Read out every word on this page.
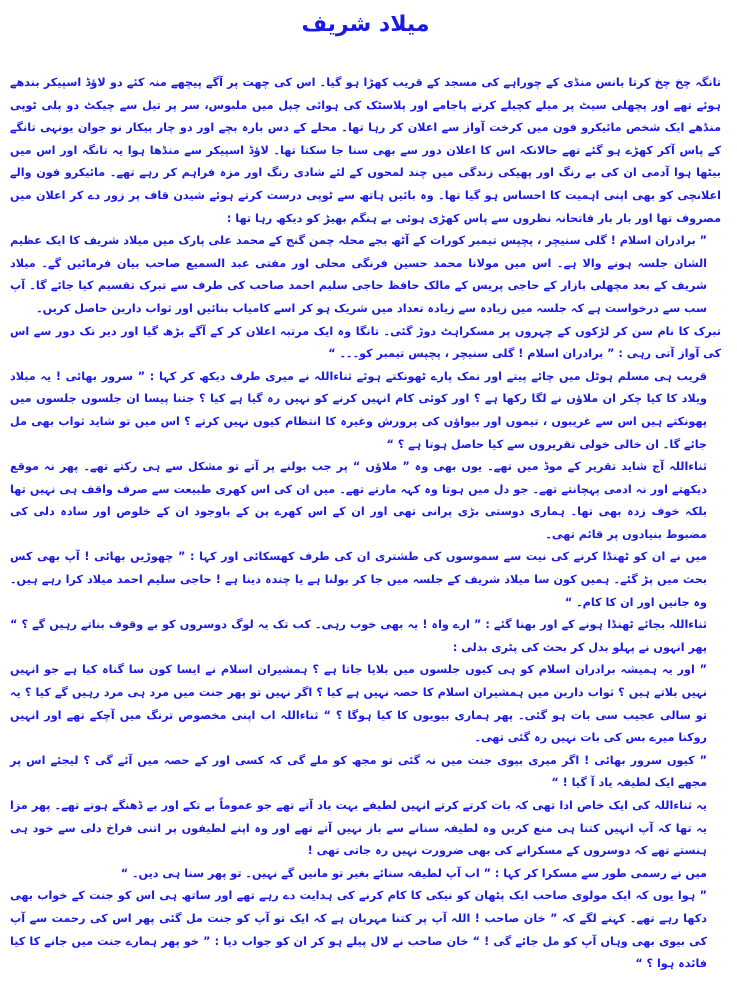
میلاد شریف

تانگہ چخ چخ کرتا بانس منڈی کے چوراہے کی مسجد کے قریب کھڑا ہو گیا۔ اس کی چھت پر آگے پیچھے منہ کئے دو لاؤڈ اسپیکر بندھے ہوئے تھے اور پچھلی سیٹ پر میلے کچیلے کرتے پاجامے اور پلاسٹک کی ہوائی چپل میں ملبوس، سر پر تیل سے چیکٹ دو پلی ٹوپی منڈھے ایک شخص مائیکرو فون میں کرخت آواز سے اعلان کر رہا تھا۔ محلے کے دس بارہ بچے اور دو چار بیکار نو جوان یونہی تانگے کے پاس آکر کھڑے ہو گئے تھے حالانکہ اس کا اعلان دور سے بھی سنا جا سکتا تھا۔ لاؤڈ اسپیکر سے منڈھا ہوا یہ تانگہ اور اس میں بیٹھا ہوا آدمی ان کی بے رنگ اور پھیکی زندگی میں چند لمحوں کے لئے شادی رنگ اور مزہ فراہم کر رہے تھے۔ مائیکرو فون والے اعلانچی کو بھی اپنی اہمیت کا احساس ہو گیا تھا۔ وہ بائیں ہاتھ سے ٹوپی درست کرتے ہوئے شیدن قاف پر زور دے کر اعلان میں مصروف تھا اور بار بار فاتحانہ نظروں سے پاس کھڑی ہوئی بے ہنگم بھیڑ کو دیکھ رہا تھا :

” برادران اسلام ! گلی سنیچر ، پچپس تیمبر کورات کے آٹھ بجے محلہ چمن گنج کے محمد علی پارک میں میلاد شریف کا ایک عظیم الشان جلسہ ہونے والا ہے۔ اس میں مولانا محمد حسین فرنگی محلی اور مفتی عبد السمیع صاحب بیان فرمائیں گے۔ میلاد شریف کے بعد مچھلی بازار کے حاجی پریس کے مالک حافظ حاجی سلیم احمد صاحب کی طرف سے تبرک تقسیم کیا جائے گا۔ آپ سب سے درخواست ہے کہ جلسہ میں زیادہ سے زیادہ تعداد میں شریک ہو کر اسے کامیاب بنائیں اور ثواب دارین حاصل کریں۔

تبرک کا نام سن کر لڑکوں کے چہروں پر مسکراہٹ دوڑ گئی۔ تانگا وہ ایک مرتبہ اعلان کر کے آگے بڑھ گیا اور دیر تک دور سے اس کی آواز آتی رہی : ” برادران اسلام ! گلی سنیچر ، پچپس تیمبر کو۔۔۔ “

قریب ہی مسلم ہوٹل میں چائے پیتے اور نمک پارے ٹھونکتے ہوئے ثناءاللہ نے میری طرف دیکھ کر کہا : ” سرور بھائی ! یہ میلاد ویلاد کا کیا چکر ان ملاؤں نے لگا رکھا ہے ؟ اور کوئی کام انہیں کرنے کو نہیں رہ گیا ہے کیا ؟ جتنا پیسا ان جلسوں جلسوں میں پھونکتے ہیں اس سے غریبوں ، تیموں اور بیواؤں کی پرورش وغیرہ کا انتظام کیوں نہیں کرتے ؟ اس میں تو شاید ثواب بھی مل جائے گا۔ ان خالی خولی تقریروں سے کیا حاصل ہوتا ہے ؟ “

ثناءاللہ آج شاید تقریر کے موڈ میں تھے۔ یوں بھی وہ ” ملاؤں “ پر جب بولنے پر آتے تو مشکل سے ہی رکتے تھے۔ پھر نہ موقع دیکھتے اور نہ ادمی پہچانتے تھے۔ جو دل میں ہوتا وہ کہہ مارتے تھے۔ میں ان کی اس کھری طبیعت سے صرف واقف ہی نہیں تھا بلکہ خوف زدہ بھی تھا۔ ہماری دوستی بڑی پرانی تھی اور ان کے اس کھرے پن کے باوجود ان کے خلوص اور سادہ دلی کی مضبوط بنیادوں پر قائم تھی۔

میں نے ان کو ٹھنڈا کرنے کی نیت سے سموسوں کی طشتری ان کی طرف کھسکائی اور کہا : ” چھوڑیں بھائی ! آپ بھی کس بحث میں پڑ گئے۔ ہمیں کون سا میلاد شریف کے جلسہ میں جا کر بولنا ہے یا چندہ دینا ہے ! حاجی سلیم احمد میلاد کرا رہے ہیں۔ وہ جانیں اور ان کا کام۔ “

ثناءاللہ بجائے ٹھنڈا ہونے کے اور بھنا گئے : ” ارے واہ ! یہ بھی خوب رہی۔ کب تک یہ لوگ دوسروں کو بے وقوف بناتے رہیں گے ؟ “ پھر انہوں نے پہلو بدل کر بحث کی پٹری بدلی :

” اور یہ ہمیشہ برادران اسلام کو ہی کیوں جلسوں میں بلایا جاتا ہے ؟ ہمشیران اسلام نے ایسا کون سا گناہ کیا ہے جو انہیں نہیں بلاتے ہیں ؟ ثواب دارین میں ہمشیران اسلام کا حصہ نہیں ہے کیا ؟ اگر نہیں تو پھر جنت میں مرد ہی مرد رہیں گے کیا ؟ یہ تو سالی عجیب سی بات ہو گئی۔ پھر ہماری بیویوں کا کیا ہوگا ؟ “ ثناءاللہ اب اپنی مخصوص ترنگ میں آچکے تھے اور انہیں روکنا میرے بس کی بات نہیں رہ گئی تھی۔

” کیوں سرور بھائی ! اگر میری بیوی جنت میں نہ گئی تو مجھ کو ملے گی کہ کسی اور کے حصہ میں آئے گی ؟ لیجئے اس پر مجھے ایک لطیفہ یاد آ گیا ! “

یہ ثناءاللہ کی ایک خاص ادا تھی کہ بات کرتے کرتے انہیں لطیفے بہت یاد آتے تھے جو عموماً بے تکے اور بے ڈھنگے ہوتے تھے۔ پھر مزا یہ تھا کہ آپ انہیں کتنا ہی منع کریں وہ لطیفہ سنانے سے باز نہیں آتے تھے اور وہ اپنے لطیفوں پر اتنی فراخ دلی سے خود ہی ہنستے تھے کہ دوسروں کے مسکرانے کی بھی ضرورت نہیں رہ جاتی تھی !

میں نے رسمی طور سے مسکرا کر کہا : ” اب آپ لطیفہ سنائے بغیر تو مانیں گے نہیں۔ تو پھر سنا ہی دیں۔ “

” ہوا یوں کہ ایک مولوی صاحب ایک پٹھان کو نیکی کا کام کرنے کی ہدایت دے رہے تھے اور ساتھ ہی اس کو جنت کے خواب بھی دکھا رہے تھے۔ کہنے لگے کہ ” خان صاحب ! اللہ آپ پر کتنا مہربان ہے کہ ایک تو آپ کو جنت مل گئی پھر اس کی رحمت سے آپ کی بیوی بھی وہاں آپ کو مل جائے گی ! “ خان صاحب نے لال پیلے ہو کر ان کو جواب دیا : ” خو پھر ہمارے جنت میں جانے کا کیا فائدہ ہوا ؟ “
